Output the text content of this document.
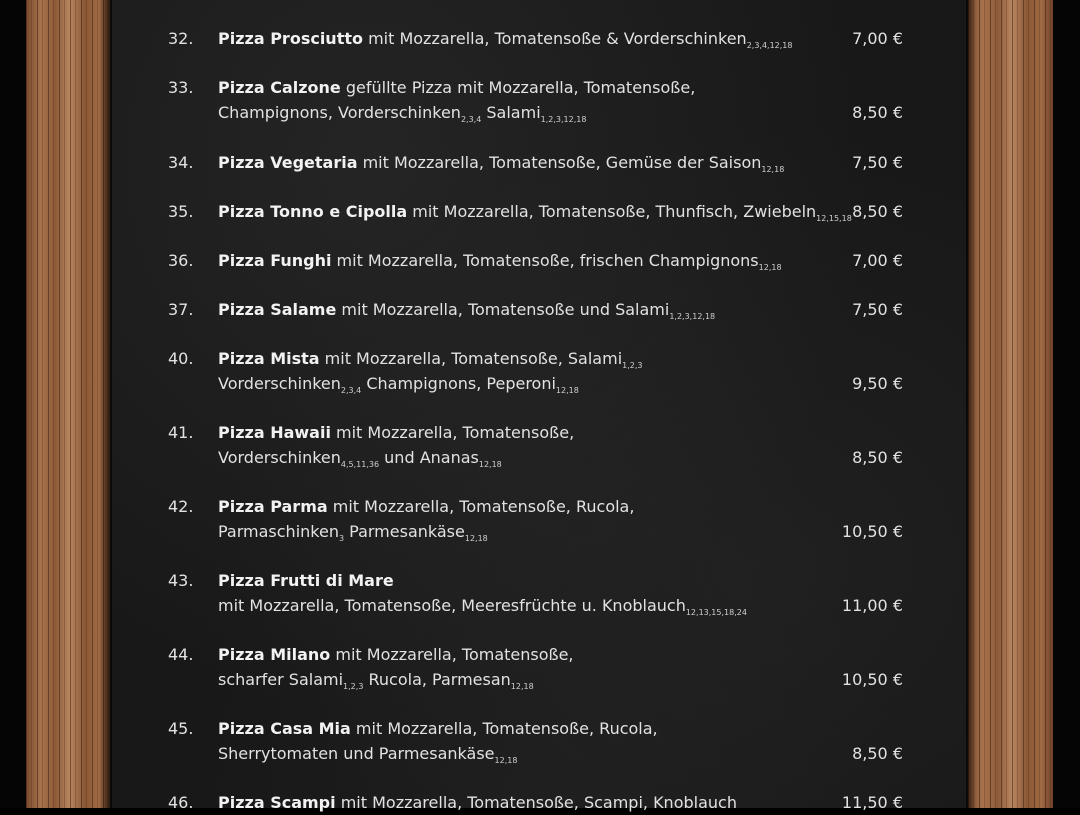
32. Pizza Prosciutto mit Mozzarella, Tomatensoße & Vorderschinken$_{2,3,4,12,18}$	7,00 €
33. Pizza Calzone gefüllte Pizza mit Mozzarella, Tomatensoße,
Champignons, Vorderschinken$_{2,3,4}$ Salami$_{1,2,3,12,18}$	8,50 €
34. Pizza Vegetaria mit Mozzarella, Tomatensoße, Gemüse der Saison$_{12,18}$	7,50 €
35. Pizza Tonno e Cipolla mit Mozzarella, Tomatensoße, Thunfisch, Zwiebeln$_{12,15,18}$ 8,50 €
36. Pizza Funghi mit Mozzarella, Tomatensoße, frischen Champignons$_{12,18}$	7,00 €
37. Pizza Salame mit Mozzarella, Tomatensoße und Salami$_{1,2,3,12,18}$	7,50 €
40. Pizza Mista mit Mozzarella, Tomatensoße, Salami$_{1,2,3}$
Vorderschinken$_{2,3,4}$ Champignons, Peperoni$_{12,18}$	9,50 €
41. Pizza Hawaii mit Mozzarella, Tomatensoße,
Vorderschinken$_{4,5,11,36}$ und Ananas$_{12,18}$	8,50 €
42. Pizza Parma mit Mozzarella, Tomatensoße, Rucola,
Parmaschinken$_3$ Parmesankäse$_{12,18}$	10,50 €
43. Pizza Frutti di Mare
mit Mozzarella, Tomatensoße, Meeresfrüchte u. Knoblauch$_{12,13,15,18,24}$	11,00 €
44. Pizza Milano mit Mozzarella, Tomatensoße,
scharfer Salami$_{1,2,3}$ Rucola, Parmesan$_{12,18}$	10,50 €
45. Pizza Casa Mia mit Mozzarella, Tomatensoße, Rucola,
Sherrytomaten und Parmesankäse$_{12,18}$	8,50 €
46. Pizza Scampi mit Mozzarella, Tomatensoße, Scampi, Knoblauch	11,50 €
